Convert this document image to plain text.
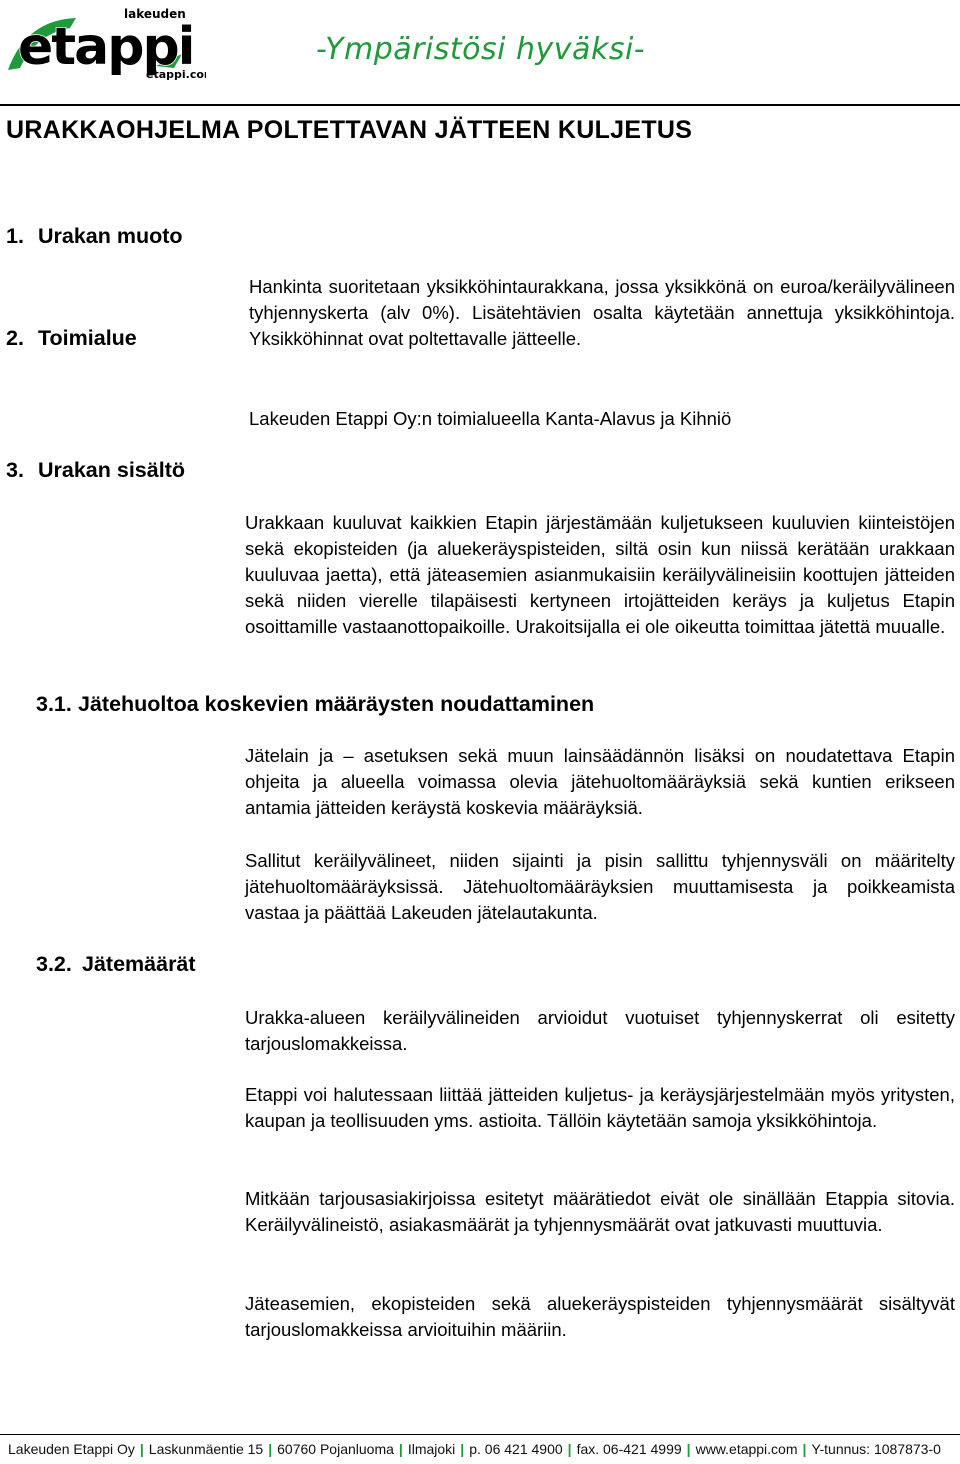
lakeuden
etappi
etappi.co
-Ympäristösi hyväksi-
URAKKAOHJELMA POLTETTAVAN JÄTTEEN KULJETUS
1. Urakan muoto
Hankinta suoritetaan yksikköhintaurakkana, jossa yksikkönä on euroa/keräilyvälineen tyhjennyskerta (alv 0%). Lisätehtävien osalta käytetään annettuja yksikköhintoja. Yksikköhinnat ovat poltettavalle jätteelle.
2. Toimialue
Lakeuden Etappi Oy:n toimialueella Kanta-Alavus ja Kihniö
3. Urakan sisältö
Urakkaan kuuluvat kaikkien Etapin järjestämään kuljetukseen kuuluvien kiinteistöjen sekä ekopisteiden (ja aluekeräyspisteiden, siltä osin kun niissä kerätään urakkaan kuuluvaa jaetta), että jäteasemien asianmukaisiin keräilyvälineisiin koottujen jätteiden sekä niiden vierelle tilapäisesti kertyneen irtojätteiden keräys ja kuljetus Etapin osoittamille vastaanottopaikoille. Urakoitsijalla ei ole oikeutta toimittaa jätettä muualle.
3.1. Jätehuoltoa koskevien määräysten noudattaminen
Jätelain ja – asetuksen sekä muun lainsäädännön lisäksi on noudatettava Etapin ohjeita ja alueella voimassa olevia jätehuoltomääräyksiä sekä kuntien erikseen antamia jätteiden keräystä koskevia määräyksiä.
Sallitut keräilyvälineet, niiden sijainti ja pisin sallittu tyhjennysväli on määritelty jätehuoltomääräyksissä. Jätehuoltomääräyksien muuttamisesta ja poikkeamista vastaa ja päättää Lakeuden jätelautakunta.
3.2. Jätemäärät
Urakka-alueen keräilyvälineiden arvioidut vuotuiset tyhjennyskerrat oli esitetty tarjouslomakkeissa.
Etappi voi halutessaan liittää jätteiden kuljetus- ja keräysjärjestelmään myös yritysten, kaupan ja teollisuuden yms. astioita. Tällöin käytetään samoja yksikköhintoja.
Mitkään tarjousasiakirjoissa esitetyt määrätiedot eivät ole sinällään Etappia sitovia. Keräilyvälineistö, asiakasmäärät ja tyhjennysmäärät ovat jatkuvasti muuttuvia.
Jäteasemien, ekopisteiden sekä aluekeräyspisteiden tyhjennysmäärät sisältyvät tarjouslomakkeissa arvioituihin määriin.
Lakeuden Etappi Oy | Laskunmäentie 15 | 60760 Pojanluoma | Ilmajoki | p. 06 421 4900 | fax. 06-421 4999 | www.etappi.com | Y-tunnus: 1087873-0
